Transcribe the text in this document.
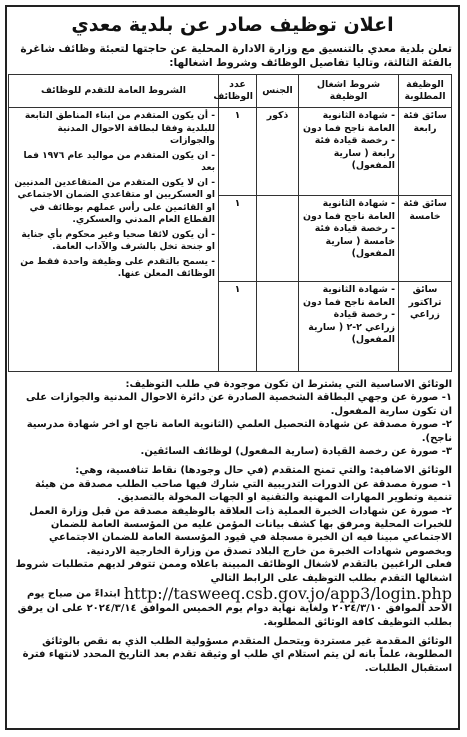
اعلان توظيف صادر عن بلدية معدي

تعلن بلدية معدي بالتنسيق مع وزارة الادارة المحلية عن حاجتها لتعبئة وظائف شاغرة بالفئة الثالثة، وتاليا تفاصيل الوظائف وشروط اشغالها:

الوظيفة المطلوبة	شروط اشغال الوظيفة	الجنس	عدد الوظائف	الشروط العامة للتقدم للوظائف
سائق فئة رابعة	- شهادة الثانوية العامة ناجح فما دون - رخصة قيادة فئة رابعة ( سارية المفعول)	ذكور	١	- أن يكون المتقدم من ابناء المناطق التابعة للبلدية وفقا لبطاقة الاحوال المدنية والجوازات
- ان يكون المتقدم من مواليد عام ١٩٧٦ فما بعد
- ان لا يكون المتقدم من المتقاعدين المدنيين او العسكريين او متقاعدي الضمان الاجتماعي او القائمين على رأس عملهم بوظائف في القطاع العام المدني والعسكري.
- أن يكون لائقا صحيا وغير محكوم بأي جناية او جنحة تخل بالشرف والآداب العامة.
- يسمح بالتقدم على وظيفة واحدة فقط من الوظائف المعلن عنها.

سائق فئة خامسة	- شهادة الثانوية العامة ناجح فما دون - رخصة قيادة فئة خامسة ( سارية المفعول)		١	
سائق تراكتور زراعي	- شهادة الثانوية العامة ناجح فما دون - رخصة قيادة زراعي ٢-٢ ( سارية المفعول)		١	

الوثائق الاساسية التي يشترط ان تكون موجودة في طلب التوظيف:

١- صورة عن وجهي البطاقة الشخصية الصادرة عن دائرة الاحوال المدنية والجوازات على ان تكون سارية المفعول.

٢- صورة مصدقة عن شهادة التحصيل العلمي (الثانوية العامة ناجح او اخر شهادة مدرسية ناجح).

٣- صورة عن رخصة القيادة (سارية المفعول) لوظائف السائقين.

الوثائق الاضافية: والتي تمنح المتقدم (في حال وجودها) نقاط تنافسية، وهي:

١- صورة مصدقة عن الدورات التدريبية التي شارك فيها صاحب الطلب مصدقة من هيئة تنمية وتطوير المهارات المهنية والتقنية او الجهات المخولة بالتصديق.

٢- صورة عن شهادات الخبرة العملية ذات العلاقة بالوظيفة مصدقة من قبل وزارة العمل للخبرات المحلية ومرفق بها كشف بيانات المؤمن عليه من المؤسسة العامة للضمان الاجتماعي مبينا فيه ان الخبرة مسجلة في قيود المؤسسة العامة للضمان الاجتماعي وبخصوص شهادات الخبرة من خارج البلاد تصدق من وزارة الخارجية الاردنية.

فعلى الراغبين بالتقدم لاشغال الوظائف المبينة باعلاه وممن تتوفر لديهم متطلبات شروط اشغالها التقدم بطلب التوظيف على الرابط التالي http://tasweeq.csb.gov.jo/app3/login.php ابتداءً من صباح يوم الاحد الموافق ٢٠٢٤/٣/١٠ ولغاية نهاية دوام يوم الخميس الموافق ٢٠٢٤/٣/١٤ على ان يرفق بطلب التوظيف كافة الوثائق المطلوبة.

الوثائق المقدمة غير مستردة ويتحمل المتقدم مسؤولية الطلب الذي به نقص بالوثائق المطلوبة، علماً بانه لن يتم استلام اي طلب او وثيقة تقدم بعد التاريخ المحدد لانتهاء فترة استقبال الطلبات.
